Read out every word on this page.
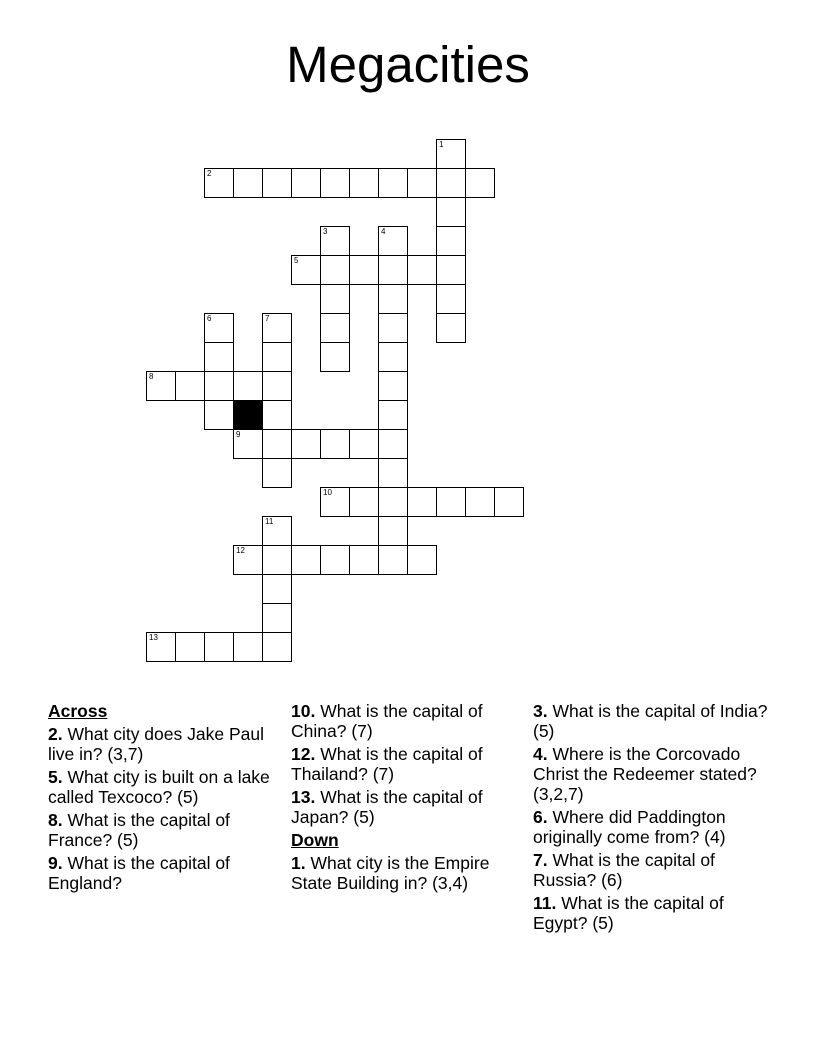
Megacities
1
2
3	4
5
6	7
8
9
10
11
12
13
Across
2. What city does Jake Paul live in? (3,7)
5. What city is built on a lake called Texcoco? (5)
8. What is the capital of France? (5)
9. What is the capital of England?
10. What is the capital of China? (7)
12. What is the capital of Thailand? (7)
13. What is the capital of Japan? (5)
Down
1. What city is the Empire State Building in? (3,4)
3. What is the capital of India? (5)
4. Where is the Corcovado Christ the Redeemer stated? (3,2,7)
6. Where did Paddington originally come from? (4)
7. What is the capital of Russia? (6)
11. What is the capital of Egypt? (5)
